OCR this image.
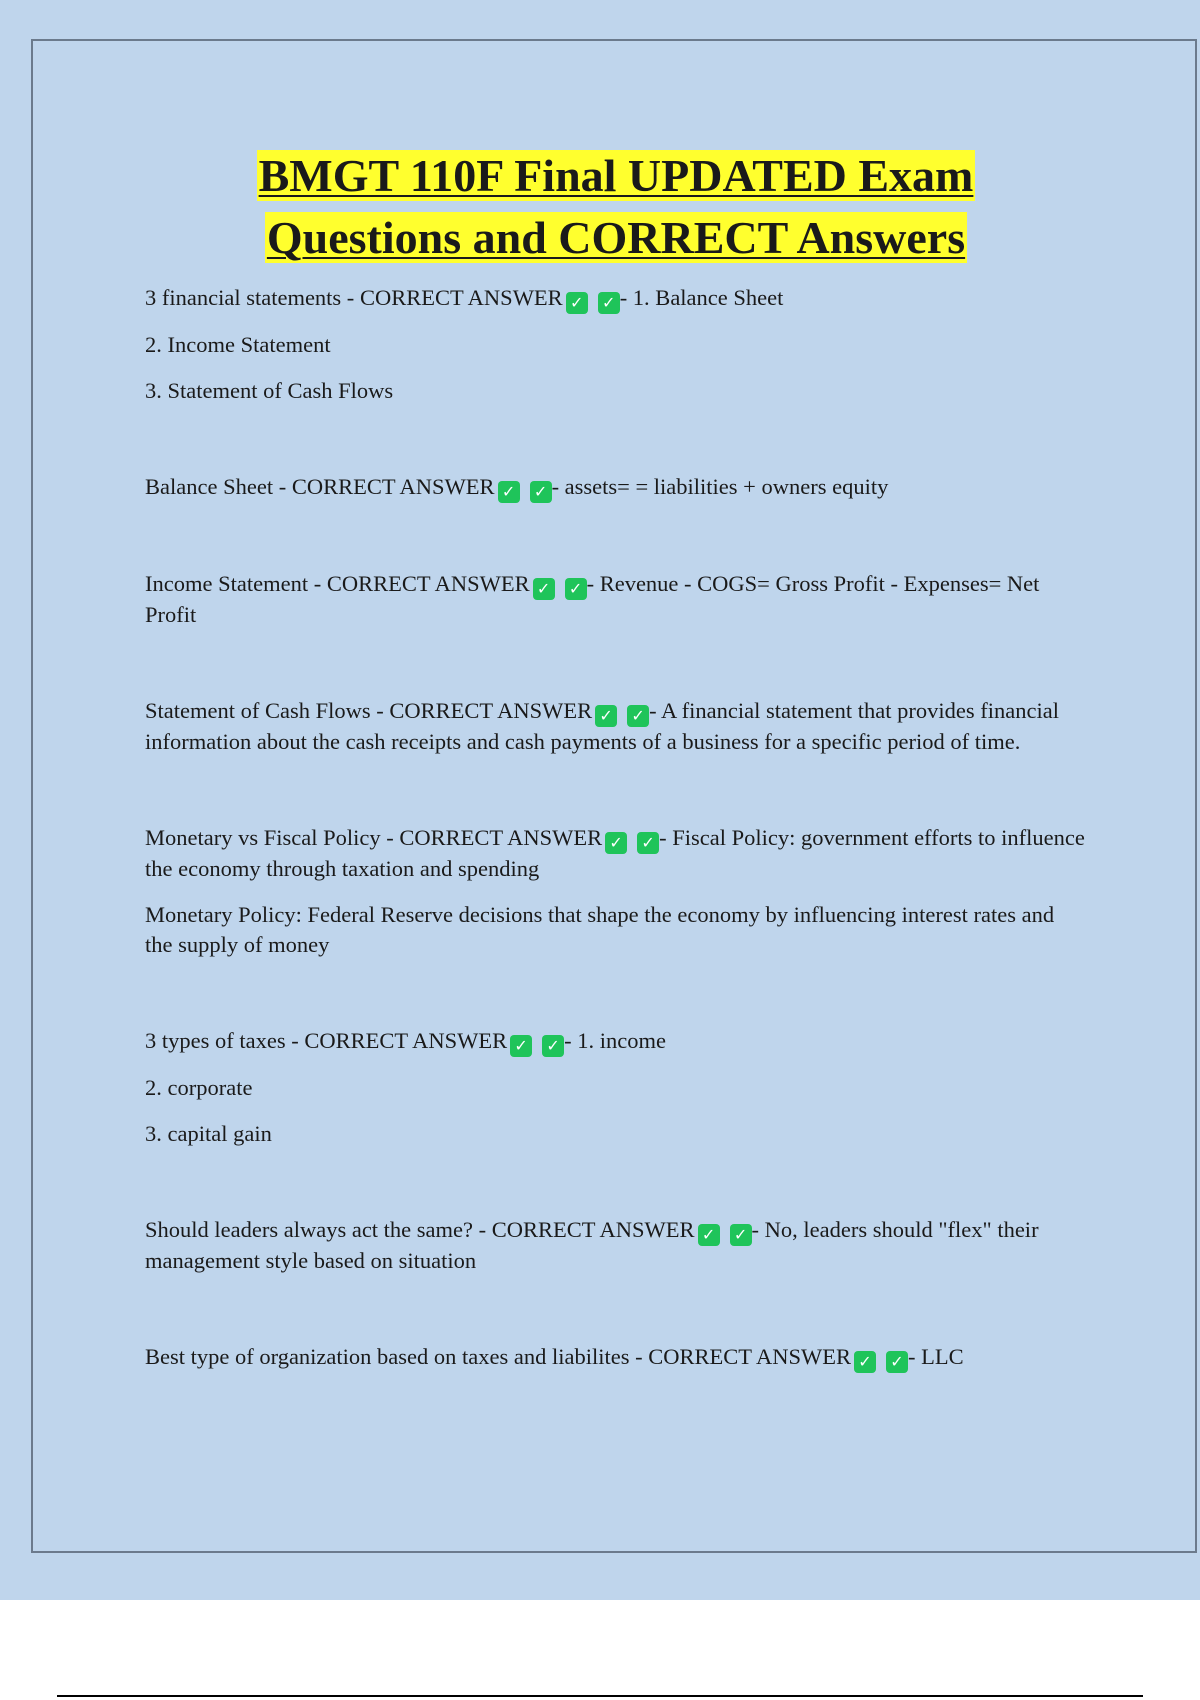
BMGT 110F Final UPDATED Exam
Questions and CORRECT Answers

3 financial statements - CORRECT ANSWER ✓ ✓ - 1. Balance Sheet

2. Income Statement

3. Statement of Cash Flows

Balance Sheet - CORRECT ANSWER ✓ ✓ - assets= = liabilities + owners equity

Income Statement - CORRECT ANSWER ✓ ✓ - Revenue - COGS= Gross Profit - Expenses= Net Profit

Statement of Cash Flows - CORRECT ANSWER ✓ ✓ - A financial statement that provides financial information about the cash receipts and cash payments of a business for a specific period of time.

Monetary vs Fiscal Policy - CORRECT ANSWER ✓ ✓ - Fiscal Policy: government efforts to influence the economy through taxation and spending

Monetary Policy: Federal Reserve decisions that shape the economy by influencing interest rates and the supply of money

3 types of taxes - CORRECT ANSWER ✓ ✓ - 1. income

2. corporate

3. capital gain

Should leaders always act the same? - CORRECT ANSWER ✓ ✓ - No, leaders should "flex" their management style based on situation

Best type of organization based on taxes and liabilites - CORRECT ANSWER ✓ ✓ - LLC
